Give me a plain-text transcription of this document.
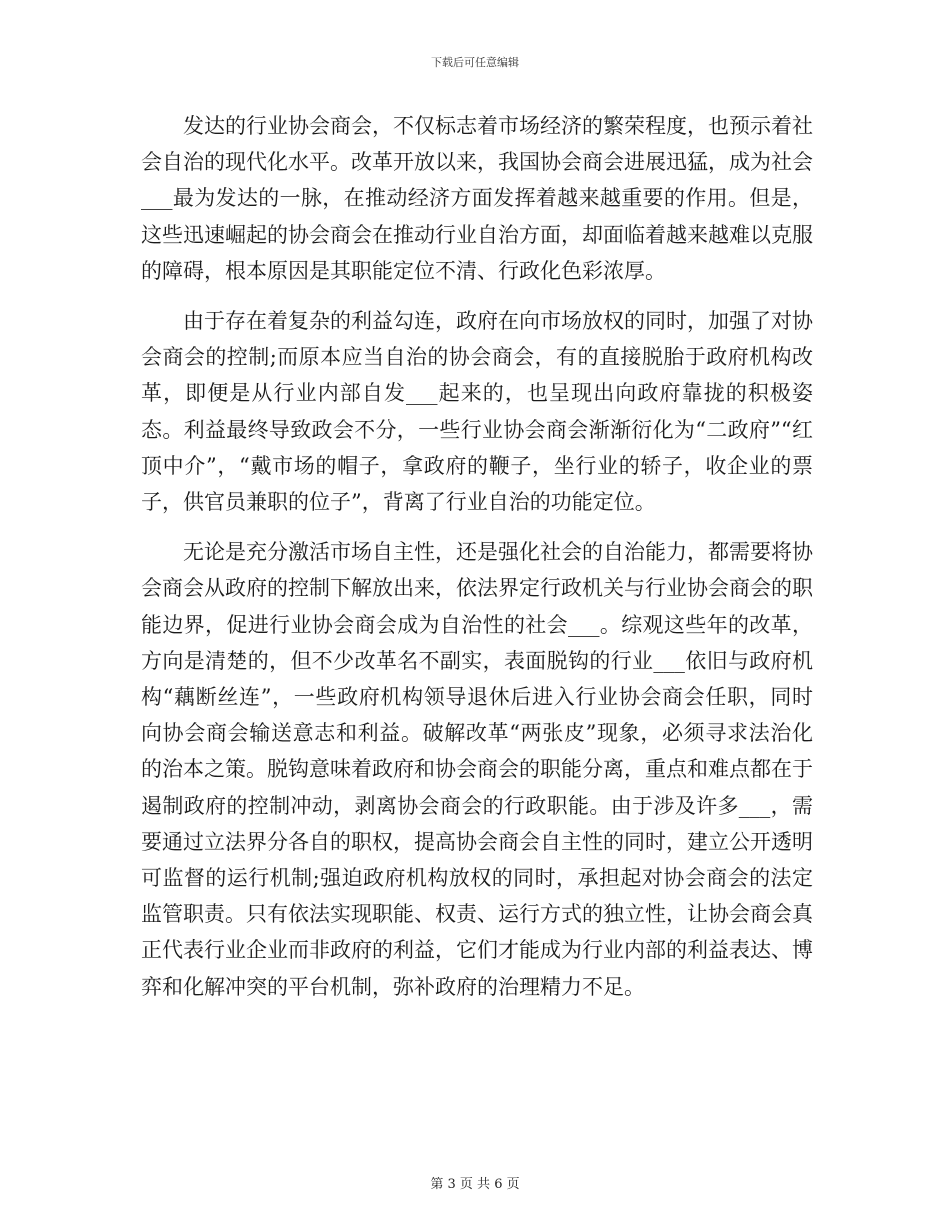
下载后可任意编辑

发达的行业协会商会，不仅标志着市场经济的繁荣程度，也预示着社会自治的现代化水平。改革开放以来，我国协会商会进展迅猛，成为社会___最为发达的一脉，在推动经济方面发挥着越来越重要的作用。但是，这些迅速崛起的协会商会在推动行业自治方面，却面临着越来越难以克服的障碍，根本原因是其职能定位不清、行政化色彩浓厚。

由于存在着复杂的利益勾连，政府在向市场放权的同时，加强了对协会商会的控制;而原本应当自治的协会商会，有的直接脱胎于政府机构改革，即便是从行业内部自发___起来的，也呈现出向政府靠拢的积极姿态。利益最终导致政会不分，一些行业协会商会渐渐衍化为“二政府”“红顶中介”，“戴市场的帽子，拿政府的鞭子，坐行业的轿子，收企业的票子，供官员兼职的位子”，背离了行业自治的功能定位。

无论是充分激活市场自主性，还是强化社会的自治能力，都需要将协会商会从政府的控制下解放出来，依法界定行政机关与行业协会商会的职能边界，促进行业协会商会成为自治性的社会___。综观这些年的改革，方向是清楚的，但不少改革名不副实，表面脱钩的行业___依旧与政府机构“藕断丝连”，一些政府机构领导退休后进入行业协会商会任职，同时向协会商会输送意志和利益。破解改革“两张皮”现象，必须寻求法治化的治本之策。脱钩意味着政府和协会商会的职能分离，重点和难点都在于遏制政府的控制冲动，剥离协会商会的行政职能。由于涉及许多___，需要通过立法界分各自的职权，提高协会商会自主性的同时，建立公开透明可监督的运行机制;强迫政府机构放权的同时，承担起对协会商会的法定监管职责。只有依法实现职能、权责、运行方式的独立性，让协会商会真正代表行业企业而非政府的利益，它们才能成为行业内部的利益表达、博弈和化解冲突的平台机制，弥补政府的治理精力不足。

第 3 页 共 6 页
